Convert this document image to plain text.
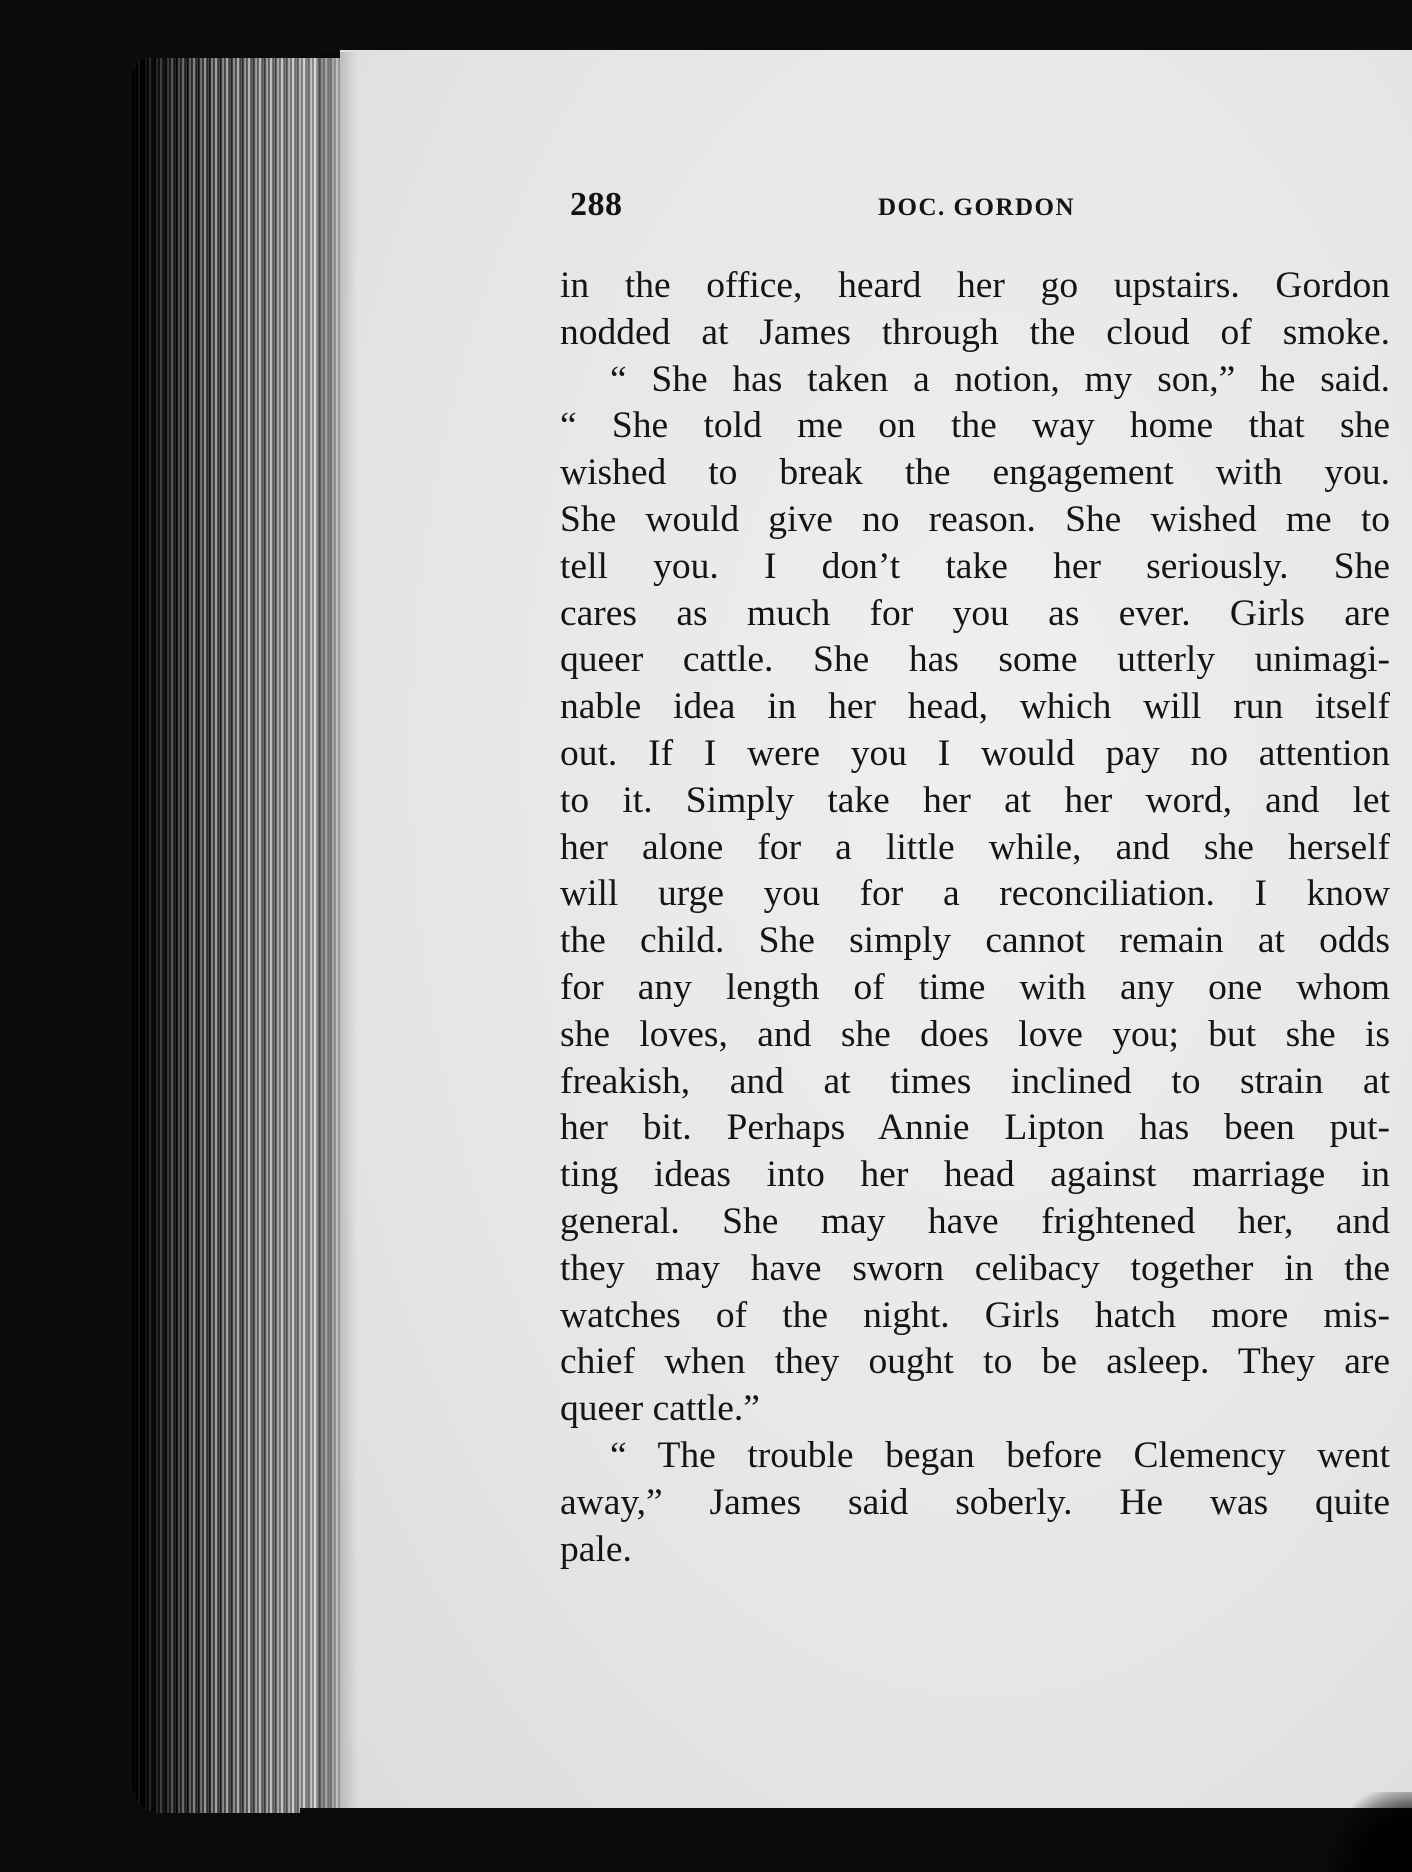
288	DOC. GORDON
in the office, heard her go upstairs. Gordon
nodded at James through the cloud of smoke.
“ She has taken a notion, my son,” he said.
“ She told me on the way home that she
wished to break the engagement with you.
She would give no reason. She wished me to
tell you. I don’t take her seriously. She
cares as much for you as ever. Girls are
queer cattle. She has some utterly unimagi-
nable idea in her head, which will run itself
out. If I were you I would pay no attention
to it. Simply take her at her word, and let
her alone for a little while, and she herself
will urge you for a reconciliation. I know
the child. She simply cannot remain at odds
for any length of time with any one whom
she loves, and she does love you; but she is
freakish, and at times inclined to strain at
her bit. Perhaps Annie Lipton has been put-
ting ideas into her head against marriage in
general. She may have frightened her, and
they may have sworn celibacy together in the
watches of the night. Girls hatch more mis-
chief when they ought to be asleep. They are
queer cattle.”
“ The trouble began before Clemency went
away,” James said soberly. He was quite
pale.
